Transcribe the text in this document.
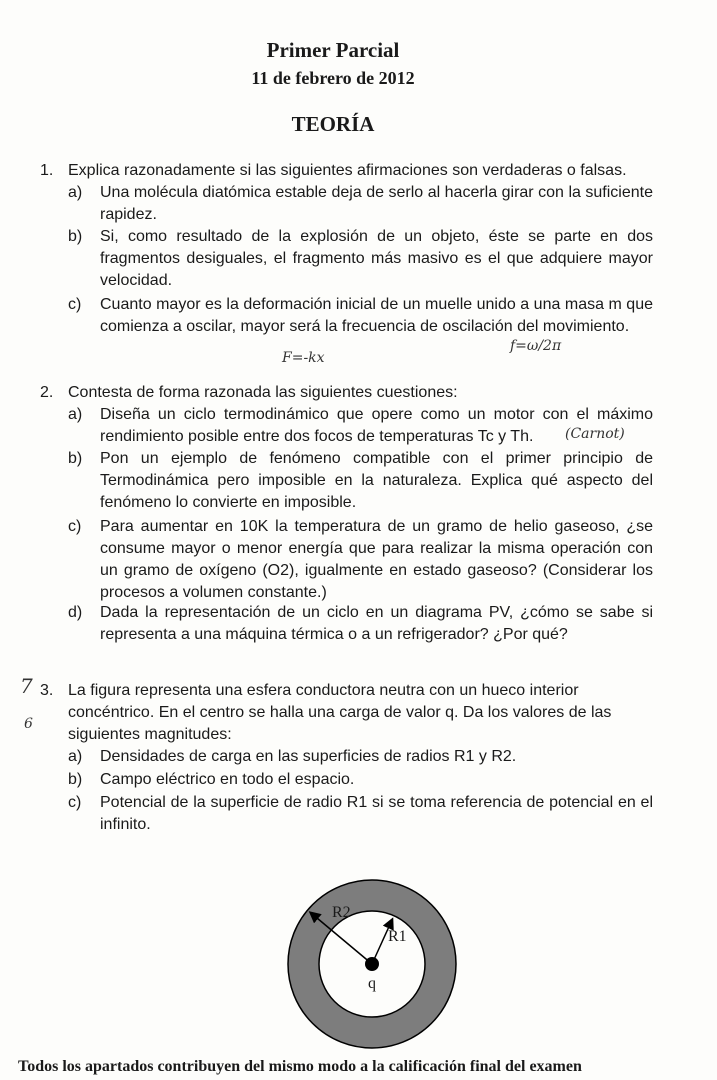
Primer Parcial
11 de febrero de 2012
TEORÍA
1. Explica razonadamente si las siguientes afirmaciones son verdaderas o falsas.
a) Una molécula diatómica estable deja de serlo al hacerla girar con la suficiente rapidez.
b) Si, como resultado de la explosión de un objeto, éste se parte en dos fragmentos desiguales, el fragmento más masivo es el que adquiere mayor velocidad.
c) Cuanto mayor es la deformación inicial de un muelle unido a una masa m que comienza a oscilar, mayor será la frecuencia de oscilación del movimiento.
F=-kx
f=ω/2π
2. Contesta de forma razonada las siguientes cuestiones:
a) Diseña un ciclo termodinámico que opere como un motor con el máximo rendimiento posible entre dos focos de temperaturas Tc y Th.	(Carnot)
b) Pon un ejemplo de fenómeno compatible con el primer principio de Termodinámica pero imposible en la naturaleza. Explica qué aspecto del fenómeno lo convierte en imposible.
c) Para aumentar en 10K la temperatura de un gramo de helio gaseoso, ¿se consume mayor o menor energía que para realizar la misma operación con un gramo de oxígeno (O2), igualmente en estado gaseoso? (Considerar los procesos a volumen constante.)
d) Dada la representación de un ciclo en un diagrama PV, ¿cómo se sabe si representa a una máquina térmica o a un refrigerador? ¿Por qué?
7
6
3. La figura representa una esfera conductora neutra con un hueco interior concéntrico. En el centro se halla una carga de valor q. Da los valores de las siguientes magnitudes:
a) Densidades de carga en las superficies de radios R1 y R2.
b) Campo eléctrico en todo el espacio.
c) Potencial de la superficie de radio R1 si se toma referencia de potencial en el infinito.
R2
R1
q
Todos los apartados contribuyen del mismo modo a la calificación final del examen
